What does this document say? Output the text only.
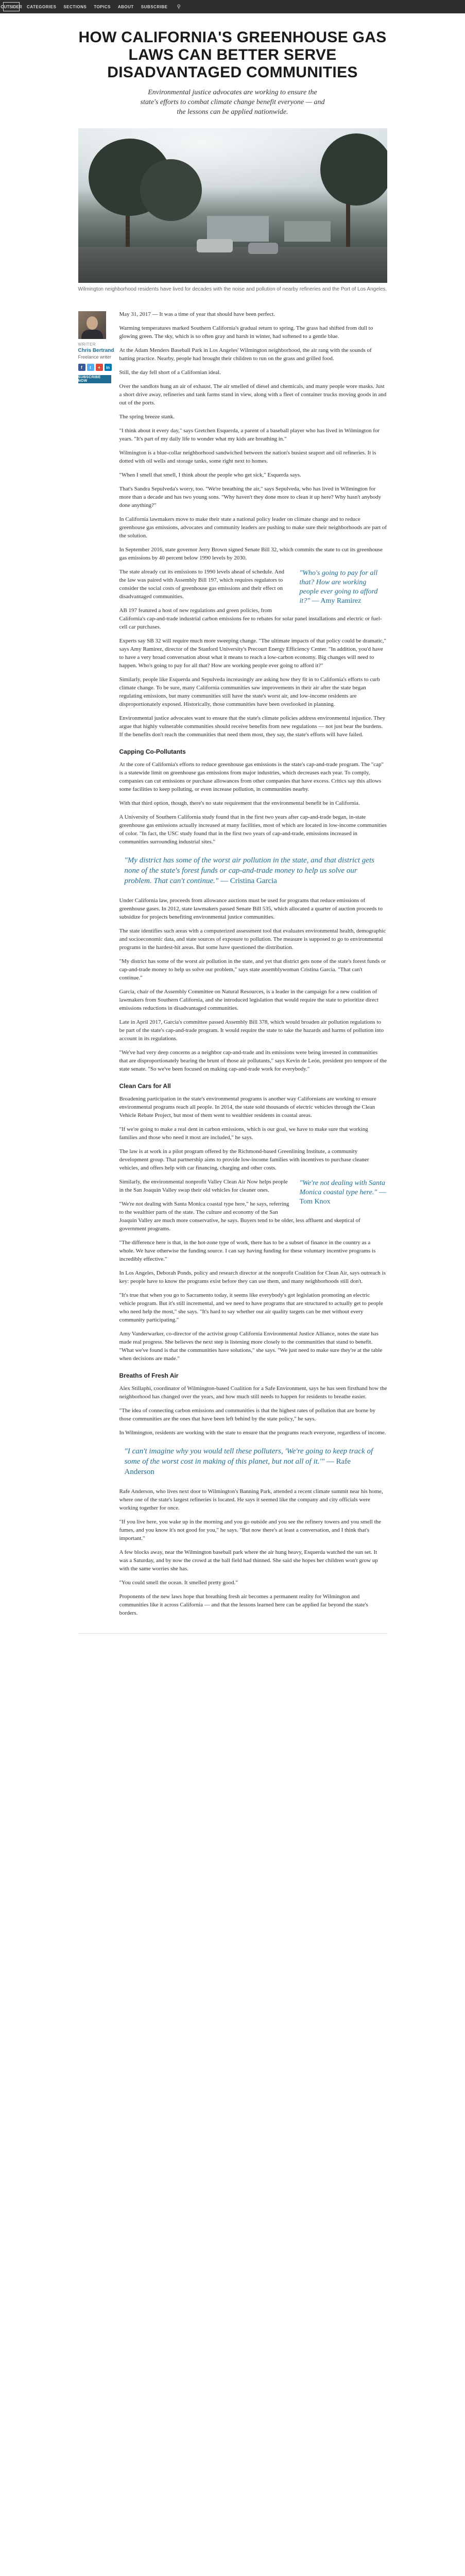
OUTSIDER CATEGORIES SECTIONS TOPICS ABOUT SUBSCRIBE ⚲
HOW CALIFORNIA'S GREENHOUSE GAS LAWS CAN BETTER SERVE DISADVANTAGED COMMUNITIES

Environmental justice advocates are working to ensure the state's efforts to combat climate change benefit everyone — and the lessons can be applied nationwide.

Wilmington neighborhood residents have lived for decades with the noise and pollution of nearby refineries and the Port of Los Angeles.

WRITER
Chris Bertrand
Freelance writer
f	t	+	in
SUBSCRIBE NOW

May 31, 2017 — It was a time of year that should have been perfect.

Warming temperatures marked Southern California's gradual return to spring. The grass had shifted from dull to glowing green. The sky, which is so often gray and harsh in winter, had softened to a gentle blue.

At the Adam Menders Baseball Park in Los Angeles' Wilmington neighborhood, the air rang with the sounds of batting practice. Nearby, people had brought their children to run on the grass and grilled food.

Still, the day fell short of a Californian ideal.

Over the sandlots hung an air of exhaust. The air smelled of diesel and chemicals, and many people wore masks. Just a short drive away, refineries and tank farms stand in view, along with a fleet of container trucks moving goods in and out of the ports.

The spring breeze stank.

"I think about it every day," says Gretchen Esquerda, a parent of a baseball player who has lived in Wilmington for years. "It's part of my daily life to wonder what my kids are breathing in."

Wilmington is a blue-collar neighborhood sandwiched between the nation's busiest seaport and oil refineries. It is dotted with oil wells and storage tanks, some right next to homes.

"When I smell that smell, I think about the people who get sick," Esquerda says.

That's Sandra Sepulveda's worry, too. "We're breathing the air," says Sepulveda, who has lived in Wilmington for more than a decade and has two young sons. "Why haven't they done more to clean it up here? Why hasn't anybody done anything?"

In California lawmakers move to make their state a national policy leader on climate change and to reduce greenhouse gas emissions, advocates and community leaders are pushing to make sure their neighborhoods are part of the solution.

In September 2016, state governor Jerry Brown signed Senate Bill 32, which commits the state to cut its greenhouse gas emissions by 40 percent below 1990 levels by 2030.

"Who's going to pay for all that? How are working people ever going to afford it?" — Amy Ramirez

The state already cut its emissions to 1990 levels ahead of schedule. And the law was paired with Assembly Bill 197, which requires regulators to consider the social costs of greenhouse gas emissions and their effect on disadvantaged communities.

AB 197 featured a host of new regulations and green policies, from California's cap-and-trade industrial carbon emissions fee to rebates for solar panel installations and electric or fuel-cell car purchases.

Experts say SB 32 will require much more sweeping change. "The ultimate impacts of that policy could be dramatic," says Amy Ramirez, director of the Stanford University's Precourt Energy Efficiency Center. "In addition, you'd have to have a very broad conversation about what it means to reach a low-carbon economy. Big changes will need to happen. Who's going to pay for all that? How are working people ever going to afford it?"

Similarly, people like Esquerda and Sepulveda increasingly are asking how they fit in to California's efforts to curb climate change. To be sure, many California communities saw improvements in their air after the state began regulating emissions, but many communities still have the state's worst air, and low-income residents are disproportionately exposed. Historically, those communities have been overlooked in planning.

Environmental justice advocates want to ensure that the state's climate policies address environmental injustice. They argue that highly vulnerable communities should receive benefits from new regulations — not just bear the burdens. If the benefits don't reach the communities that need them most, they say, the state's efforts will have failed.

Capping Co-Pollutants

At the core of California's efforts to reduce greenhouse gas emissions is the state's cap-and-trade program. The "cap" is a statewide limit on greenhouse gas emissions from major industries, which decreases each year. To comply, companies can cut emissions or purchase allowances from other companies that have excess. Critics say this allows some facilities to keep polluting, or even increase pollution, in communities nearby.

With that third option, though, there's no state requirement that the environmental benefit be in California.

A University of Southern California study found that in the first two years after cap-and-trade began, in-state greenhouse gas emissions actually increased at many facilities, most of which are located in low-income communities of color. "In fact, the USC study found that in the first two years of cap-and-trade, emissions increased in communities surrounding industrial sites."

"My district has some of the worst air pollution in the state, and that district gets none of the state's forest funds or cap-and-trade money to help us solve our problem. That can't continue." — Cristina Garcia

Under California law, proceeds from allowance auctions must be used for programs that reduce emissions of greenhouse gases. In 2012, state lawmakers passed Senate Bill 535, which allocated a quarter of auction proceeds to subsidize for projects benefiting environmental justice communities.

The state identifies such areas with a computerized assessment tool that evaluates environmental health, demographic and socioeconomic data, and state sources of exposure to pollution. The measure is supposed to go to environmental programs in the hardest-hit areas. But some have questioned the distribution.

"My district has some of the worst air pollution in the state, and yet that district gets none of the state's forest funds or cap-and-trade money to help us solve our problem," says state assemblywoman Cristina Garcia. "That can't continue."

Garcia, chair of the Assembly Committee on Natural Resources, is a leader in the campaign for a new coalition of lawmakers from Southern California, and she introduced legislation that would require the state to prioritize direct emissions reductions in disadvantaged communities.

Late in April 2017, Garcia's committee passed Assembly Bill 378, which would broaden air pollution regulations to be part of the state's cap-and-trade program. It would require the state to take the hazards and harms of pollution into account in its regulations.

"We've had very deep concerns as a neighbor cap-and-trade and its emissions were being invested in communities that are disproportionately bearing the brunt of those air pollutants," says Kevin de León, president pro tempore of the state senate. "So we've been focused on making cap-and-trade work for everybody."

Clean Cars for All

Broadening participation in the state's environmental programs is another way Californians are working to ensure environmental programs reach all people. In 2014, the state sold thousands of electric vehicles through the Clean Vehicle Rebate Project, but most of them went to wealthier residents in coastal areas.

"If we're going to make a real dent in carbon emissions, which is our goal, we have to make sure that working families and those who need it most are included," he says.

The law is at work in a pilot program offered by the Richmond-based Greenlining Institute, a community development group. That partnership aims to provide low-income families with incentives to purchase cleaner vehicles, and offers help with car financing, charging and other costs.

"We're not dealing with Santa Monica coastal type here." — Tom Knox

Similarly, the environmental nonprofit Valley Clean Air Now helps people in the San Joaquin Valley swap their old vehicles for cleaner ones.

"We're not dealing with Santa Monica coastal type here," he says, referring to the wealthier parts of the state. The culture and economy of the San Joaquin Valley are much more conservative, he says. Buyers tend to be older, less affluent and skeptical of government programs.

"The difference here is that, in the hot-zone type of work, there has to be a subset of finance in the country as a whole. We have otherwise the funding source. I can say having funding for these voluntary incentive programs is incredibly effective."

In Los Angeles, Deborah Ponds, policy and research director at the nonprofit Coalition for Clean Air, says outreach is key: people have to know the programs exist before they can use them, and many neighborhoods still don't.

"It's true that when you go to Sacramento today, it seems like everybody's got legislation promoting an electric vehicle program. But it's still incremental, and we need to have programs that are structured to actually get to people who need help the most," she says. "It's hard to say whether our air quality targets can be met without every community participating."

Amy Vanderwarker, co-director of the activist group California Environmental Justice Alliance, notes the state has made real progress. She believes the next step is listening more closely to the communities that stand to benefit. "What we've found is that the communities have solutions," she says. "We just need to make sure they're at the table when decisions are made."

Breaths of Fresh Air

Alex Stillaphi, coordinator of Wilmington-based Coalition for a Safe Environment, says he has seen firsthand how the neighborhood has changed over the years, and how much still needs to happen for residents to breathe easier.

"The idea of connecting carbon emissions and communities is that the highest rates of pollution that are borne by those communities are the ones that have been left behind by the state policy," he says.

In Wilmington, residents are working with the state to ensure that the programs reach everyone, regardless of income.

"I can't imagine why you would tell these polluters, 'We're going to keep track of some of the worst cost in making of this planet, but not all of it.'" — Rafe Anderson

Rafe Anderson, who lives next door to Wilmington's Banning Park, attended a recent climate summit near his home, where one of the state's largest refineries is located. He says it seemed like the company and city officials were working together for once.

"If you live here, you wake up in the morning and you go outside and you see the refinery towers and you smell the fumes, and you know it's not good for you," he says. "But now there's at least a conversation, and I think that's important."

A few blocks away, near the Wilmington baseball park where the air hung heavy, Esquerda watched the sun set. It was a Saturday, and by now the crowd at the ball field had thinned. She said she hopes her children won't grow up with the same worries she has.

"You could smell the ocean. It smelled pretty good."

Proponents of the new laws hope that breathing fresh air becomes a permanent reality for Wilmington and communities like it across California — and that the lessons learned here can be applied far beyond the state's borders.
